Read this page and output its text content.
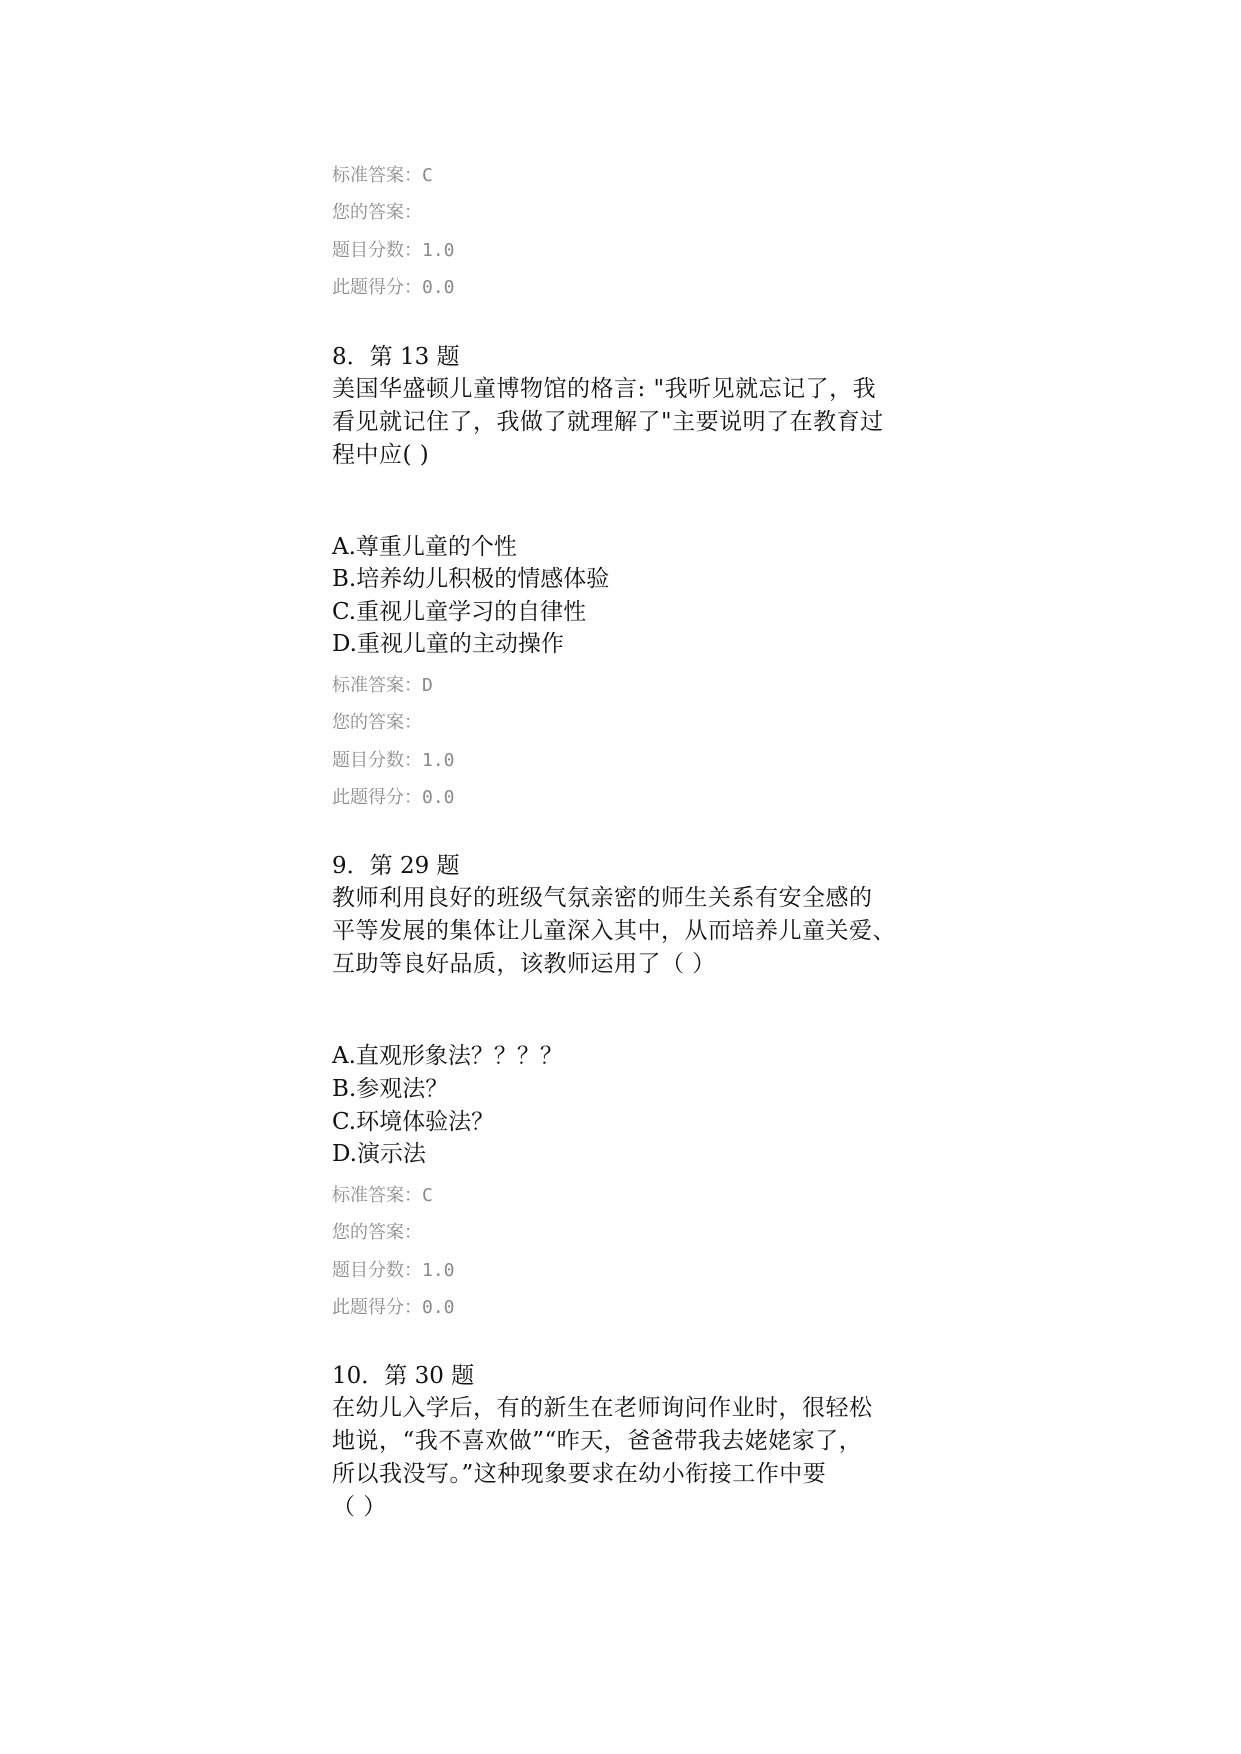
标准答案：C
您的答案：
题目分数：1.0
此题得分：0.0
8．第 13 题
美国华盛顿儿童博物馆的格言: "我听见就忘记了，我
看见就记住了，我做了就理解了"主要说明了在教育过
程中应( )
A.尊重儿童的个性
B.培养幼儿积极的情感体验
C.重视儿童学习的自律性
D.重视儿童的主动操作
标准答案：D
您的答案：
题目分数：1.0
此题得分：0.0
9．第 29 题
教师利用良好的班级气氛亲密的师生关系有安全感的
平等发展的集体让儿童深入其中，从而培养儿童关爱、
互助等良好品质，该教师运用了（ ）
A.直观形象法？？？？
B.参观法？
C.环境体验法？
D.演示法
标准答案：C
您的答案：
题目分数：1.0
此题得分：0.0
10．第 30 题
在幼儿入学后，有的新生在老师询问作业时，很轻松
地说，“我不喜欢做”“昨天，爸爸带我去姥姥家了，
所以我没写。”这种现象要求在幼小衔接工作中要
（ ）
